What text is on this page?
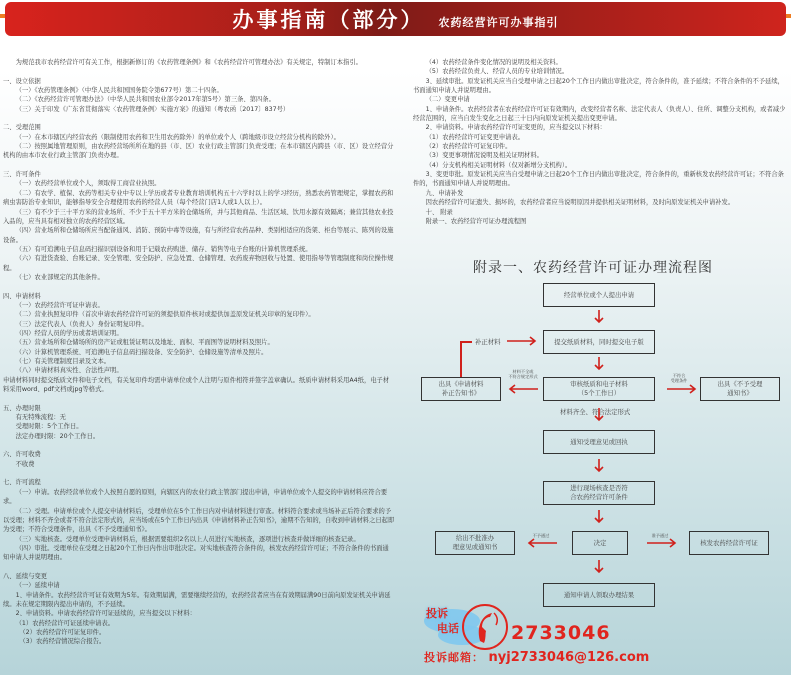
办事指南（部分） 农药经营许可办事指引

为规范我市农药经营许可有关工作，根据新修订的《农药管理条例》和《农药经营许可管理办法》有关规定，特制订本指引。

一、设立依据

（一）《农药管理条例》（中华人民共和国国务院令第677号）第二十四条。

（二）《农药经营许可管理办法》（中华人民共和国农业部令2017年第5号）第三条、第四条。

（三）关于印发《广东省贯彻落实〈农药管理条例〉实施方案》的通知（粤农函〔2017〕837号）

二、受理范围

（一）在本市辖区内经营农药（限制使用农药和卫生用农药除外）的单位或个人（跨地级市设立经营分机构的除外）。

（二）按照属地管理原则，由农药经营场所所在地的县（市、区）农业行政主管部门负责受理；在本市辖区内跨县（市、区）设立经营分机构的由本市农业行政主管部门负责办理。

三、许可条件

（一）农药经营单位或个人，须取得工商营业执照。

（二）有农学、植保、农药等相关专业中专以上学历或者专业教育培训机构五十六学时以上的学习经历，熟悉农药管理规定，掌握农药和病虫害防治专业知识，能够指导安全合理使用农药的经营人员（每个经营门店1人或1人以上）。

（三）有不少于三十平方米的营业场所、不少于五十平方米的仓储场所，并与其他商品、生活区域、饮用水源有效隔离；兼营其他农业投入品的，应当具有相对独立的农药经营区域。

（四）营业场所和仓储场所应当配备通风、消防、预防中毒等设施，有与所经营农药品种、类别相适应的货架、柜台等展示、陈列的设施设备。

（五）有可追溯电子信息码扫描识别设备和用于记载农药购进、储存、销售等电子台账的计算机管理系统。

（六）有进货查验、台账记录、安全管理、安全防护、应急处置、仓储管理、农药废弃物回收与处置、使用指导等管理制度和岗位操作规程。

（七）农业部规定的其他条件。

四、申请材料

（一）农药经营许可证申请表。

（二）营业执照复印件（首次申请农药经营许可证的须提供原件核对或提供加盖原发证机关印章的复印件）。

（三）法定代表人（负责人）身份证明复印件。

（四）经营人员的学历或者培训证明。

（五）营业场所和仓储场所的房产证或租赁证明以及地址、面积、平面图等说明材料及照片。

（六）计算机管理系统、可追溯电子信息码扫描设备、安全防护、仓储设施等清单及照片。

（七）有关管理制度目录及文本。

（八）申请材料真实性、合法性声明。

申请材料同时提交纸质文件和电子文档，有关复印件均需申请单位或个人注明与原件相符并签字盖章确认。纸质申请材料采用A4纸，电子材料采用word、pdf文档或jpg等格式。

五、办理时限

有无特殊流程：无

受理时限：5个工作日。

法定办理时限：20个工作日。

六、许可收费

不收费

七、许可流程

（一）申请。农药经营单位或个人按照自愿的原则，向辖区内的农业行政主管部门提出申请，申请单位或个人提交的申请材料应符合要求。

（二）受理。申请单位或个人提交申请材料后，受理单位在5个工作日内对申请材料进行审查。材料符合要求或当场补正后符合要求的予以受理；材料不齐全或者不符合法定形式的，应当场或在5个工作日内出具《申请材料补正告知书》，逾期不告知的，自收到申请材料之日起即为受理；不符合受理条件，出具《不予受理通知书》。

（三）实地核查。受理单位受理申请材料后，根据需要组织2名以上人员进行实地核查，逐项进行核查并做详细的核查记录。

（四）审批。受理单位在受理之日起20个工作日内作出审批决定。对实地核查符合条件的，核发农药经营许可证；不符合条件的书面通知申请人并说明理由。

八、延续与变更

（一）延续申请

1、申请条件。农药经营许可证有效期为5年。有效期届满，需要继续经营的，农药经营者应当在有效期届满90日前向原发证机关申请延续。未在规定期限内提出申请的，不予延续。

2、申请资料。申请农药经营许可证延续的，应当提交以下材料：

（1）农药经营许可证延续申请表。

（2）农药经营许可证复印件。

（3）农药经营情况综合报告。

（4）农药经营条件变化情况的说明及相关资料。

（5）农药经营负责人、经营人员的专业培训情况。

3、延续审批。原发证机关应当自受理申请之日起20个工作日内做出审批决定，符合条件的，准予延续；不符合条件的不予延续，书面通知申请人并说明理由。

（二）变更申请

1、申请条件。农药经营者在农药经营许可证有效期内，改变经营者名称、法定代表人（负责人）、住所、调整分支机构，或者减少经营范围的，应当自发生变化之日起三十日内向原发证机关提出变更申请。

2、申请资料。申请农药经营许可证变更的，应当提交以下材料：

（1）农药经营许可证变更申请表。

（2）农药经营许可证复印件。

（3）变更事项情况说明及相关证明材料。

（4）分支机构相关证明材料（仅对新增分支机构）。

3、变更审批。原发证机关应当自受理申请之日起20个工作日内做出审批决定，符合条件的，重新核发农药经营许可证；不符合条件的，书面通知申请人并说明理由。

九、申请补发

因农药经营许可证遗失、损坏的，农药经营者应当说明原因并提供相关证明材料，及时向原发证机关申请补发。

十、 附录

附录一、农药经营许可证办理流程图

附录一、农药经营许可证办理流程图
经营单位或个人提出申请
提交纸质材料，同时提交电子版
审核纸质和电子材料
（5个工作日）
出具《申请材料
补正告知书》
补正材料
材料不全或
不符合规定形式	不符合
受理条件	出具《不予受理
通知书》
材料齐全、符合法定形式
通知受理意见或回执
进行现场核查是否符
合农药经营许可条件
决定
不予通过
给出不批准办
理意见或通知书
准予通过
核发农药经营许可证
通知申请人领取办理结果
投诉
电话	2733046
投诉邮箱： nyj2733046@126.com
